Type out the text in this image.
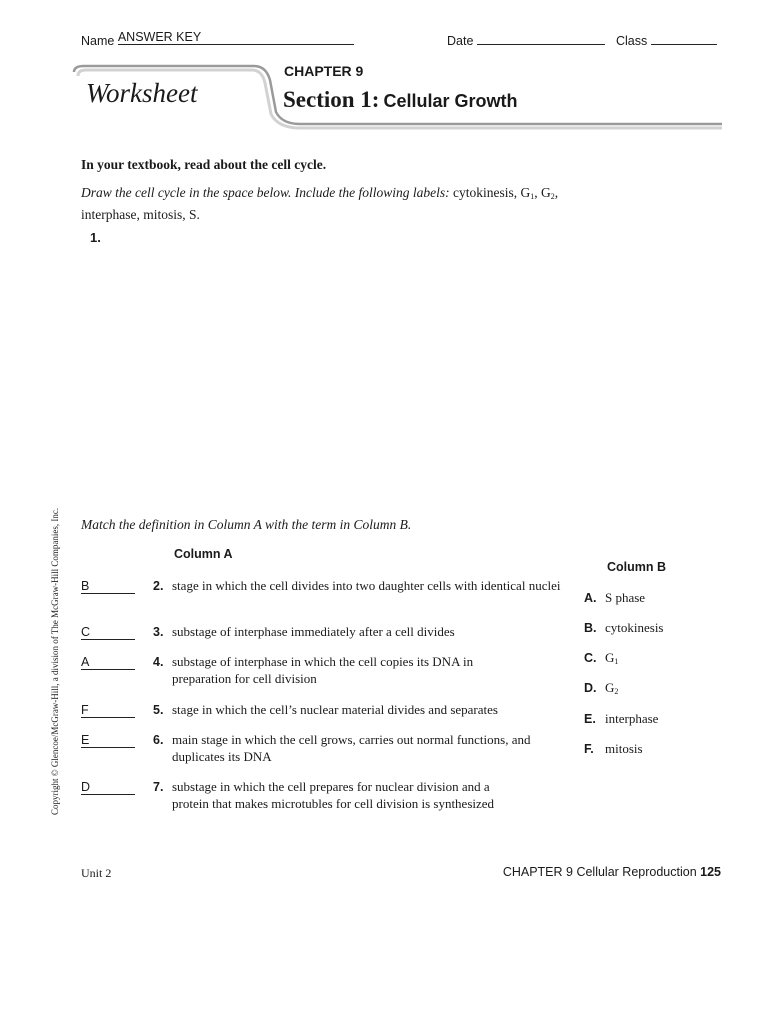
Name ANSWER KEY	Date	Class
Worksheet
CHAPTER 9
Section 1: Cellular Growth
In your textbook, read about the cell cycle.
Draw the cell cycle in the space below. Include the following labels: cytokinesis, $G_1$, $G_2$,
interphase, mitosis, S.
1.
Match the definition in Column A with the term in Column B.
Column A
Column B
B	2. stage in which the cell divides into two daughter cells with identical nuclei
C	3. substage of interphase immediately after a cell divides
A	4. substage of interphase in which the cell copies its DNA in preparation for cell division
F	5. stage in which the cell’s nuclear material divides and separates
E	6. main stage in which the cell grows, carries out normal functions, and duplicates its DNA
D	7. substage in which the cell prepares for nuclear division and a protein that makes microtubles for cell division is synthesized
A. S phase
B. cytokinesis
C. $G_1$
D. $G_2$
E. interphase
F. mitosis
Copyright © Glencoe/McGraw-Hill, a division of The McGraw-Hill Companies, Inc.
Unit 2	CHAPTER 9 Cellular Reproduction 125
